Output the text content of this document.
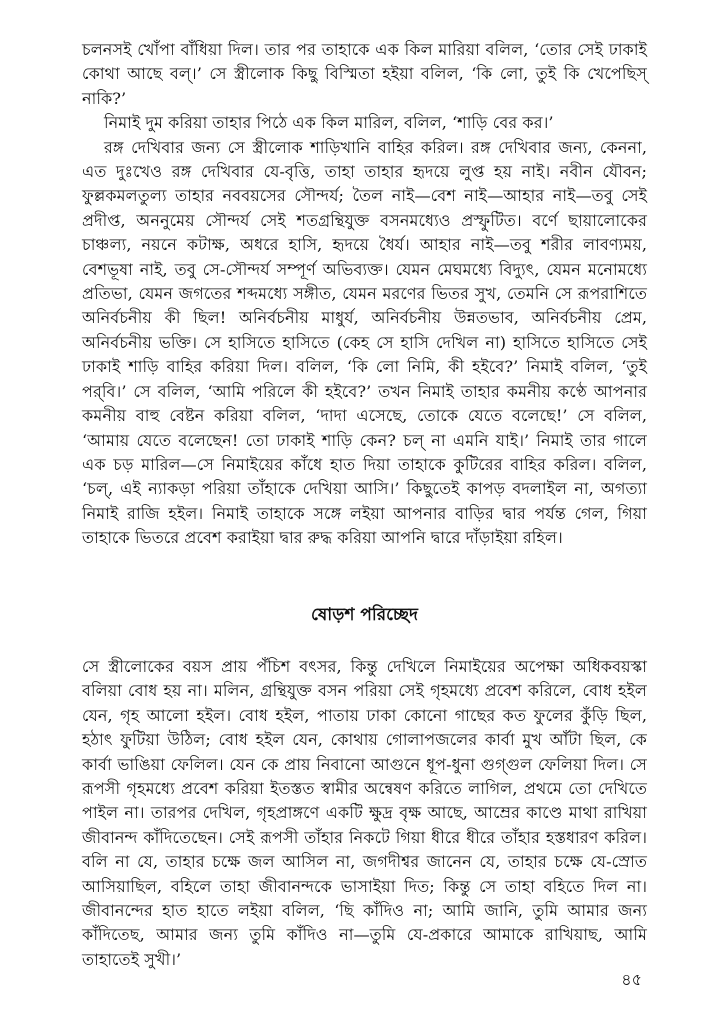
চলনসই খোঁপা বাঁধিয়া দিল। তার পর তাহাকে এক কিল মারিয়া বলিল, ‘তোর সেই ঢাকাই কোথা আছে বল্‌।’ সে স্ত্রীলোক কিছু বিস্মিতা হইয়া বলিল, ‘কি লো, তুই কি খেপেছিস্‌ নাকি?’

নিমাই দুম করিয়া তাহার পিঠে এক কিল মারিল, বলিল, ‘শাড়ি বের কর।’

রঙ্গ দেখিবার জন্য সে স্ত্রীলোক শাড়িখানি বাহির করিল। রঙ্গ দেখিবার জন্য, কেননা, এত দুঃখেও রঙ্গ দেখিবার যে-বৃত্তি, তাহা তাহার হৃদয়ে লুপ্ত হয় নাই। নবীন যৌবন; ফুল্লকমলতুল্য তাহার নববয়সের সৌন্দর্য; তৈল নাই—বেশ নাই—আহার নাই—তবু সেই প্রদীপ্ত, অননুমেয় সৌন্দর্য সেই শতগ্রন্থিযুক্ত বসনমধ্যেও প্রস্ফুটিত। বর্ণে ছায়ালোকের চাঞ্চল্য, নয়নে কটাক্ষ, অধরে হাসি, হৃদয়ে ধৈর্য। আহার নাই—তবু শরীর লাবণ্যময়, বেশভূষা নাই, তবু সে-সৌন্দর্য সম্পূর্ণ অভিব্যক্ত। যেমন মেঘমধ্যে বিদ্যুৎ, যেমন মনোমধ্যে প্রতিভা, যেমন জগতের শব্দমধ্যে সঙ্গীত, যেমন মরণের ভিতর সুখ, তেমনি সে রূপরাশিতে অনির্বচনীয় কী ছিল! অনির্বচনীয় মাধুর্য, অনির্বচনীয় উন্নতভাব, অনির্বচনীয় প্রেম, অনির্বচনীয় ভক্তি। সে হাসিতে হাসিতে (কেহ সে হাসি দেখিল না) হাসিতে হাসিতে সেই ঢাকাই শাড়ি বাহির করিয়া দিল। বলিল, ‘কি লো নিমি, কী হইবে?’ নিমাই বলিল, ‘তুই পর্‌বি।’ সে বলিল, ‘আমি পরিলে কী হইবে?’ তখন নিমাই তাহার কমনীয় কণ্ঠে আপনার কমনীয় বাহু বেষ্টন করিয়া বলিল, ‘দাদা এসেছে, তোকে যেতে বলেছে!’ সে বলিল, ‘আমায় যেতে বলেছেন! তো ঢাকাই শাড়ি কেন? চল্‌ না এমনি যাই।’ নিমাই তার গালে এক চড় মারিল—সে নিমাইয়ের কাঁধে হাত দিয়া তাহাকে কুটিরের বাহির করিল। বলিল, ‘চল্‌, এই ন্যাকড়া পরিয়া তাঁহাকে দেখিয়া আসি।’ কিছুতেই কাপড় বদলাইল না, অগত্যা নিমাই রাজি হইল। নিমাই তাহাকে সঙ্গে লইয়া আপনার বাড়ির দ্বার পর্যন্ত গেল, গিয়া তাহাকে ভিতরে প্রবেশ করাইয়া দ্বার রুদ্ধ করিয়া আপনি দ্বারে দাঁড়াইয়া রহিল।

ষোড়শ পরিচ্ছেদ

সে স্ত্রীলোকের বয়স প্রায় পঁচিশ বৎসর, কিন্তু দেখিলে নিমাইয়ের অপেক্ষা অধিকবয়স্কা বলিয়া বোধ হয় না। মলিন, গ্রন্থিযুক্ত বসন পরিয়া সেই গৃহমধ্যে প্রবেশ করিলে, বোধ হইল যেন, গৃহ আলো হইল। বোধ হইল, পাতায় ঢাকা কোনো গাছের কত ফুলের কুঁড়ি ছিল, হঠাৎ ফুটিয়া উঠিল; বোধ হইল যেন, কোথায় গোলাপজলের কার্বা মুখ আঁটা ছিল, কে কার্বা ভাঙিয়া ফেলিল। যেন কে প্রায় নিবানো আগুনে ধূপ-ধুনা গুগ্‌গুল ফেলিয়া দিল। সে রূপসী গৃহমধ্যে প্রবেশ করিয়া ইতস্তত স্বামীর অন্বেষণ করিতে লাগিল, প্রথমে তো দেখিতে পাইল না। তারপর দেখিল, গৃহপ্রাঙ্গণে একটি ক্ষুদ্র বৃক্ষ আছে, আম্রের কাণ্ডে মাথা রাখিয়া জীবানন্দ কাঁদিতেছেন। সেই রূপসী তাঁহার নিকটে গিয়া ধীরে ধীরে তাঁহার হস্তধারণ করিল। বলি না যে, তাহার চক্ষে জল আসিল না, জগদীশ্বর জানেন যে, তাহার চক্ষে যে-স্রোত আসিয়াছিল, বহিলে তাহা জীবানন্দকে ভাসাইয়া দিত; কিন্তু সে তাহা বহিতে দিল না। জীবানন্দের হাত হাতে লইয়া বলিল, ‘ছি কাঁদিও না; আমি জানি, তুমি আমার জন্য কাঁদিতেছ, আমার জন্য তুমি কাঁদিও না—তুমি যে-প্রকারে আমাকে রাখিয়াছ, আমি তাহাতেই সুখী।’

৪৫
